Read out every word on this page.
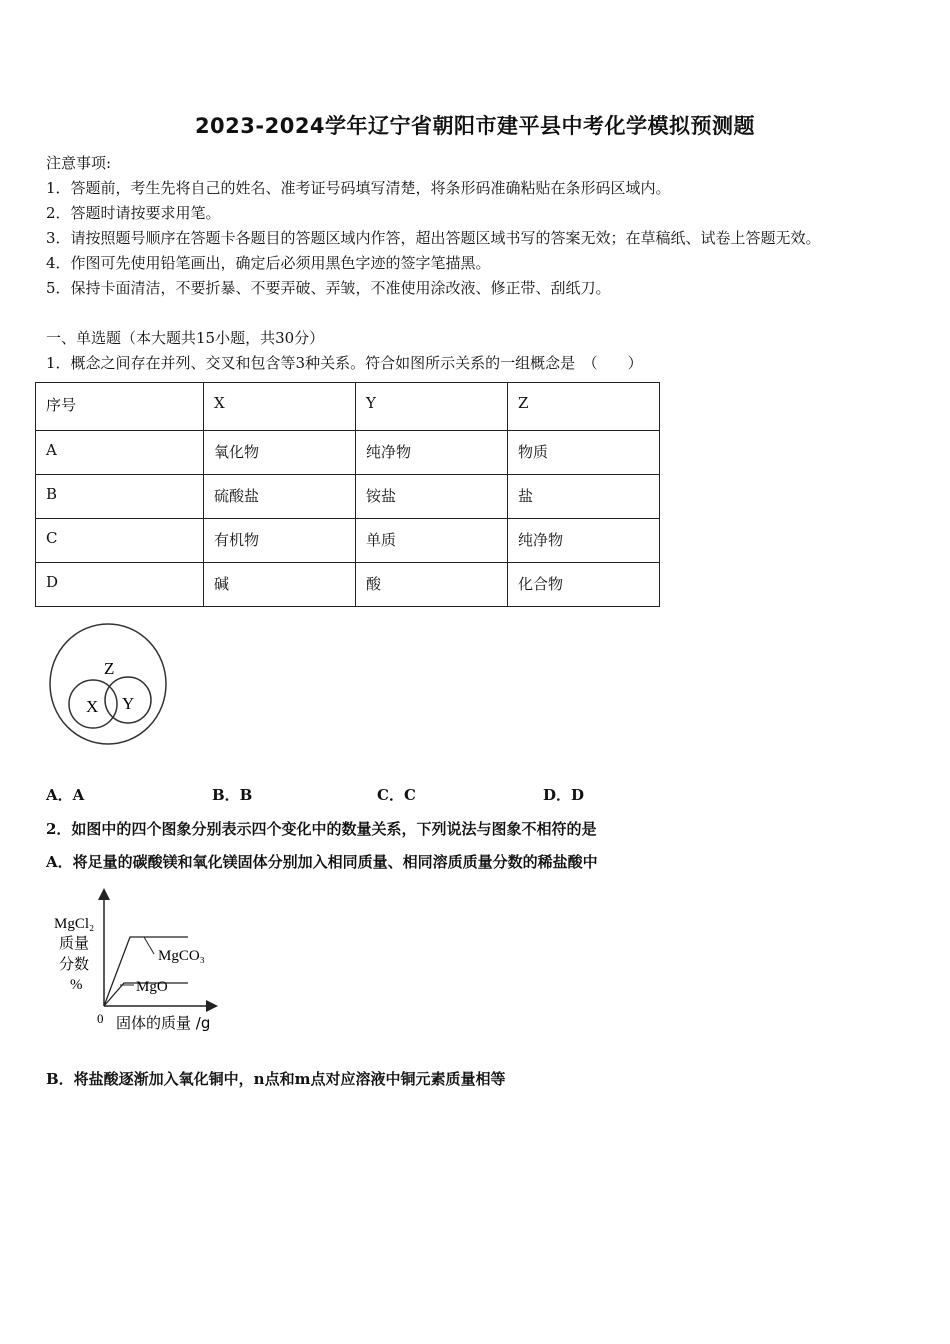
2023-2024学年辽宁省朝阳市建平县中考化学模拟预测题
注意事项:
1．答题前，考生先将自己的姓名、准考证号码填写清楚，将条形码准确粘贴在条形码区域内。
2．答题时请按要求用笔。
3．请按照题号顺序在答题卡各题目的答题区域内作答，超出答题区域书写的答案无效；在草稿纸、试卷上答题无效。
4．作图可先使用铅笔画出，确定后必须用黑色字迹的签字笔描黑。
5．保持卡面清洁，不要折暴、不要弄破、弄皱，不准使用涂改液、修正带、刮纸刀。
一、单选题（本大题共15小题，共30分）
1．概念之间存在并列、交叉和包含等3种关系。符合如图所示关系的一组概念是　（　　）
序号	X	Y	Z
A	氧化物	纯净物	物质
B	硫酸盐	铵盐	盐
C	有机物	单质	纯净物
D	碱	酸	化合物
Z
X Y
A．A	B．B	C．C	D．D
2．如图中的四个图象分别表示四个变化中的数量关系，下列说法与图象不相符的是
A．将足量的碳酸镁和氧化镁固体分别加入相同质量、相同溶质质量分数的稀盐酸中
MgCl₂
质量
分数
%
0 固体的质量 /g
MgCO₃
MgO
B．将盐酸逐渐加入氧化铜中，n点和m点对应溶液中铜元素质量相等
